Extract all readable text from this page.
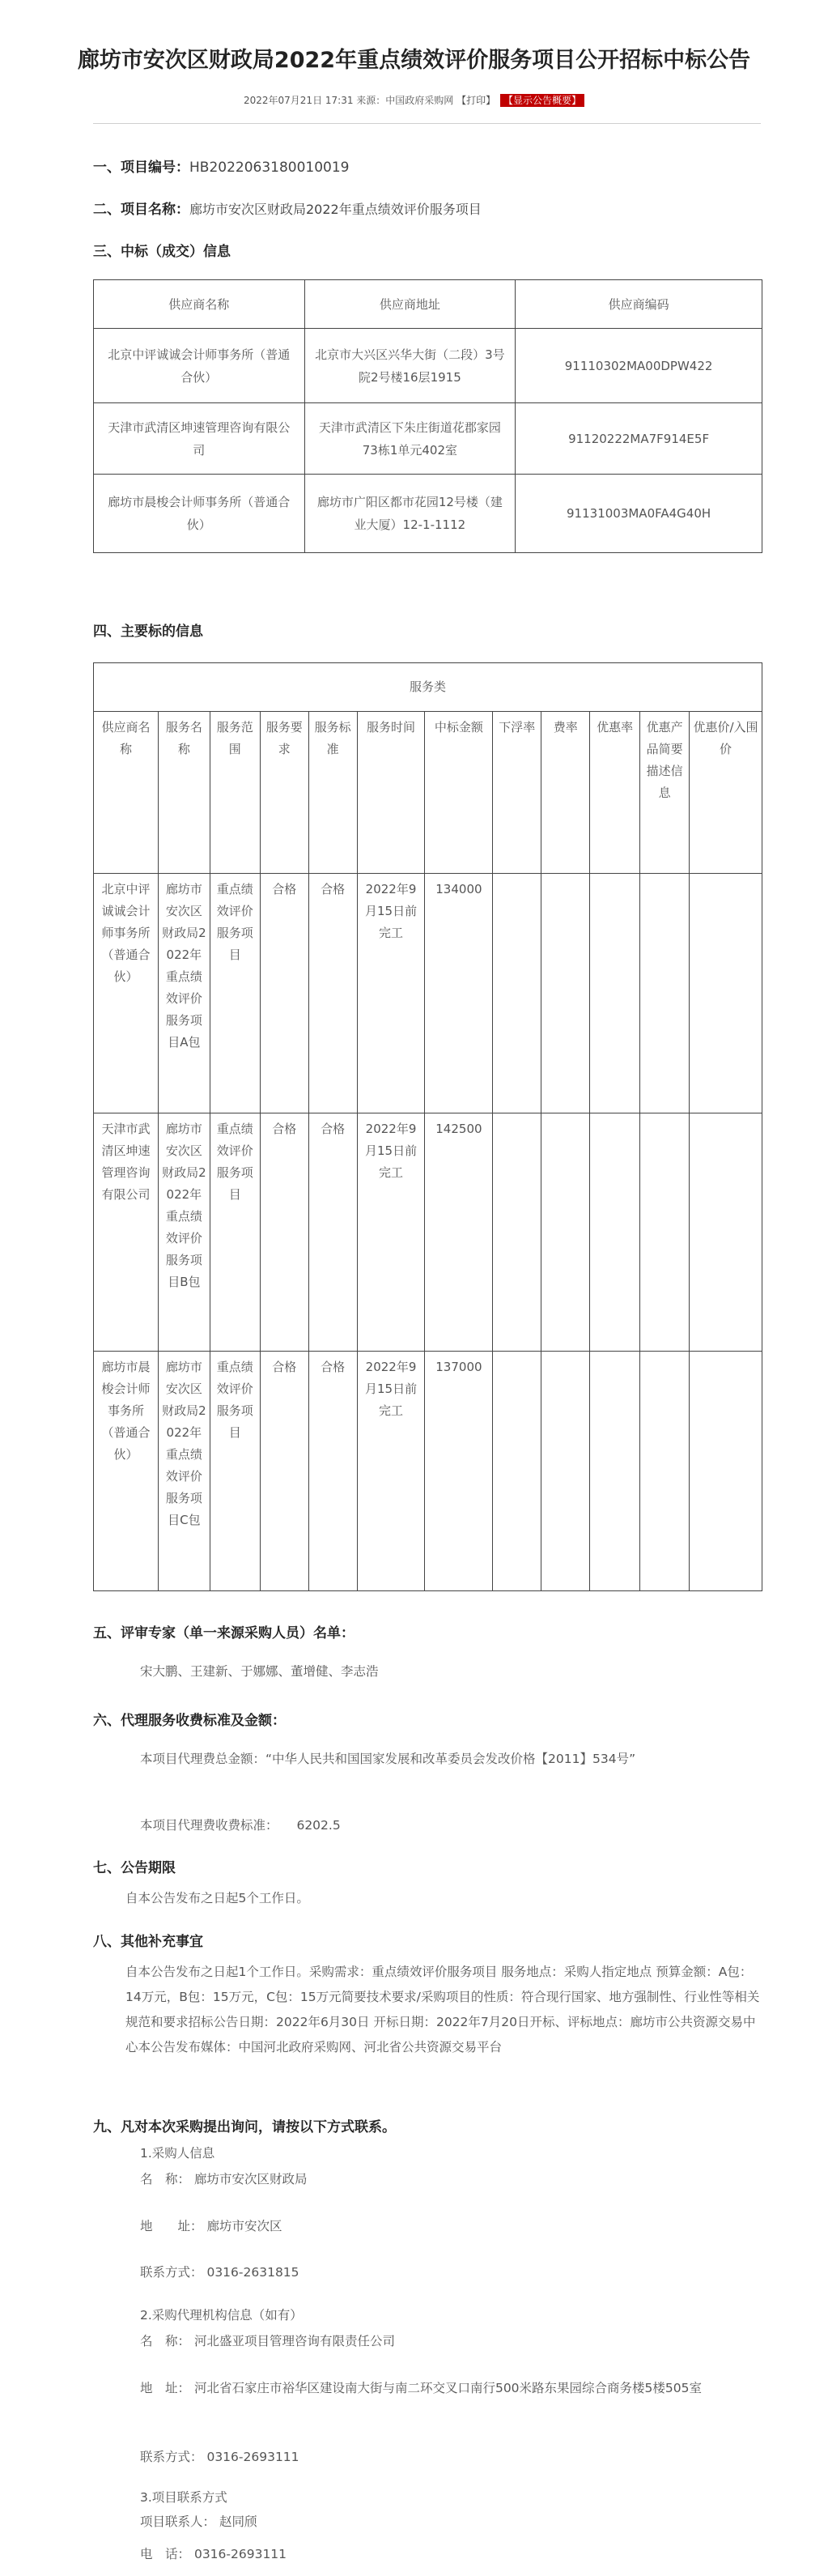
廊坊市安次区财政局2022年重点绩效评价服务项目公开招标中标公告
2022年07月21日 17:31 来源：中国政府采购网 【打印】 【显示公告概要】
一、项目编号：HB2022063180010019
二、项目名称：廊坊市安次区财政局2022年重点绩效评价服务项目
三、中标（成交）信息
供应商名称	供应商地址	供应商编码
北京中评诚诚会计师事务所（普通合伙）	北京市大兴区兴华大街（二段）3号院2号楼16层1915	91110302MA00DPW422
天津市武清区坤速管理咨询有限公司	天津市武清区下朱庄街道花郡家园73栋1单元402室	91120222MA7F914E5F
廊坊市晨梭会计师事务所（普通合伙）	廊坊市广阳区都市花园12号楼（建业大厦）12-1-1112	91131003MA0FA4G40H
四、主要标的信息
服务类											
供应商名称	服务名称	服务范围	服务要求	服务标准	服务时间	中标金额	下浮率	费率	优惠率	优惠产品简要描述信息	优惠价/入围价
北京中评诚诚会计师事务所（普通合伙）	廊坊市安次区财政局2022年重点绩效评价服务项目A包	重点绩效评价服务项目	合格	合格	2022年9月15日前完工	134000					
天津市武清区坤速管理咨询有限公司	廊坊市安次区财政局2022年重点绩效评价服务项目B包	重点绩效评价服务项目	合格	合格	2022年9月15日前完工	142500					
廊坊市晨梭会计师事务所（普通合伙）	廊坊市安次区财政局2022年重点绩效评价服务项目C包	重点绩效评价服务项目	合格	合格	2022年9月15日前完工	137000					
五、评审专家（单一来源采购人员）名单：
宋大鹏、王建新、于娜娜、董增健、李志浩
六、代理服务收费标准及金额：
本项目代理费总金额：“中华人民共和国国家发展和改革委员会发改价格【2011】534号”
本项目代理费收费标准： 6202.5
七、公告期限
自本公告发布之日起5个工作日。
八、其他补充事宜
自本公告发布之日起1个工作日。采购需求：重点绩效评价服务项目 服务地点：采购人指定地点 预算金额：A包：14万元，B包：15万元，C包：15万元简要技术要求/采购项目的性质：符合现行国家、地方强制性、行业性等相关规范和要求招标公告日期：2022年6月30日 开标日期：2022年7月20日开标、评标地点：廊坊市公共资源交易中心本公告发布媒体：中国河北政府采购网、河北省公共资源交易平台
九、凡对本次采购提出询问，请按以下方式联系。
1.采购人信息
名　称： 廊坊市安次区财政局
地　　址： 廊坊市安次区
联系方式： 0316-2631815
2.采购代理机构信息（如有）
名　称： 河北盛亚项目管理咨询有限责任公司
地　址： 河北省石家庄市裕华区建设南大街与南二环交叉口南行500米路东果园综合商务楼5楼505室
联系方式： 0316-2693111
3.项目联系方式
项目联系人： 赵同颀
电　话： 0316-2693111
